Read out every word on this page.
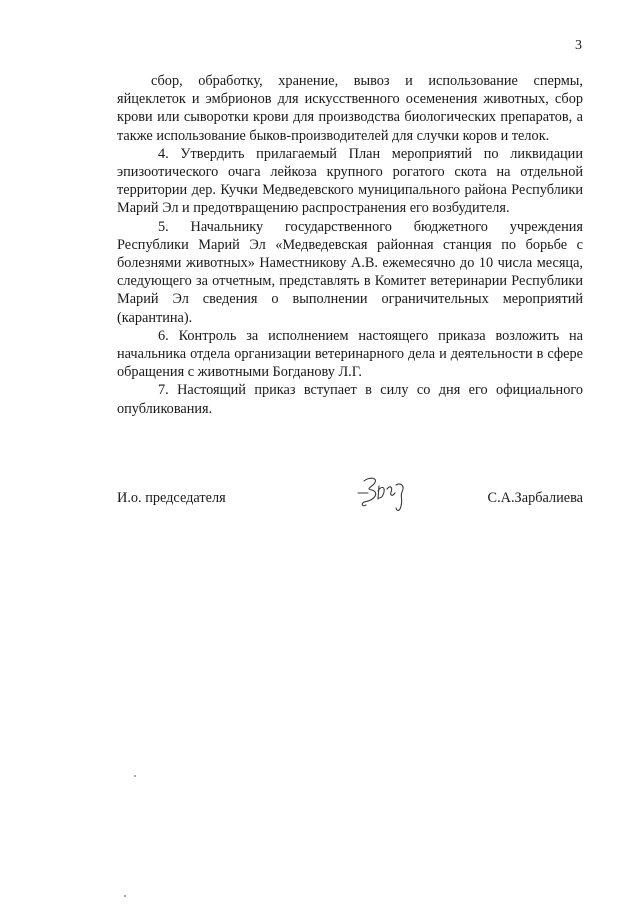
3

сбор, обработку, хранение, вывоз и использование спермы, яйцеклеток и эмбрионов для искусственного осеменения животных, сбор крови или сыворотки крови для производства биологических препаратов, а также использование быков-производителей для случки коров и телок.

4. Утвердить прилагаемый План мероприятий по ликвидации эпизоотического очага лейкоза крупного рогатого скота на отдельной территории дер. Кучки Медведевского муниципального района Республики Марий Эл и предотвращению распространения его возбудителя.

5. Начальнику государственного бюджетного учреждения Республики Марий Эл «Медведевская районная станция по борьбе с болезнями животных» Наместникову А.В. ежемесячно до 10 числа месяца, следующего за отчетным, представлять в Комитет ветеринарии Республики Марий Эл сведения о выполнении ограничительных мероприятий (карантина).

6. Контроль за исполнением настоящего приказа возложить на начальника отдела организации ветеринарного дела и деятельности в сфере обращения с животными Богданову Л.Г.

7. Настоящий приказ вступает в силу со дня его официального опубликования.

И.о. председателя	С.А.Зарбалиева
